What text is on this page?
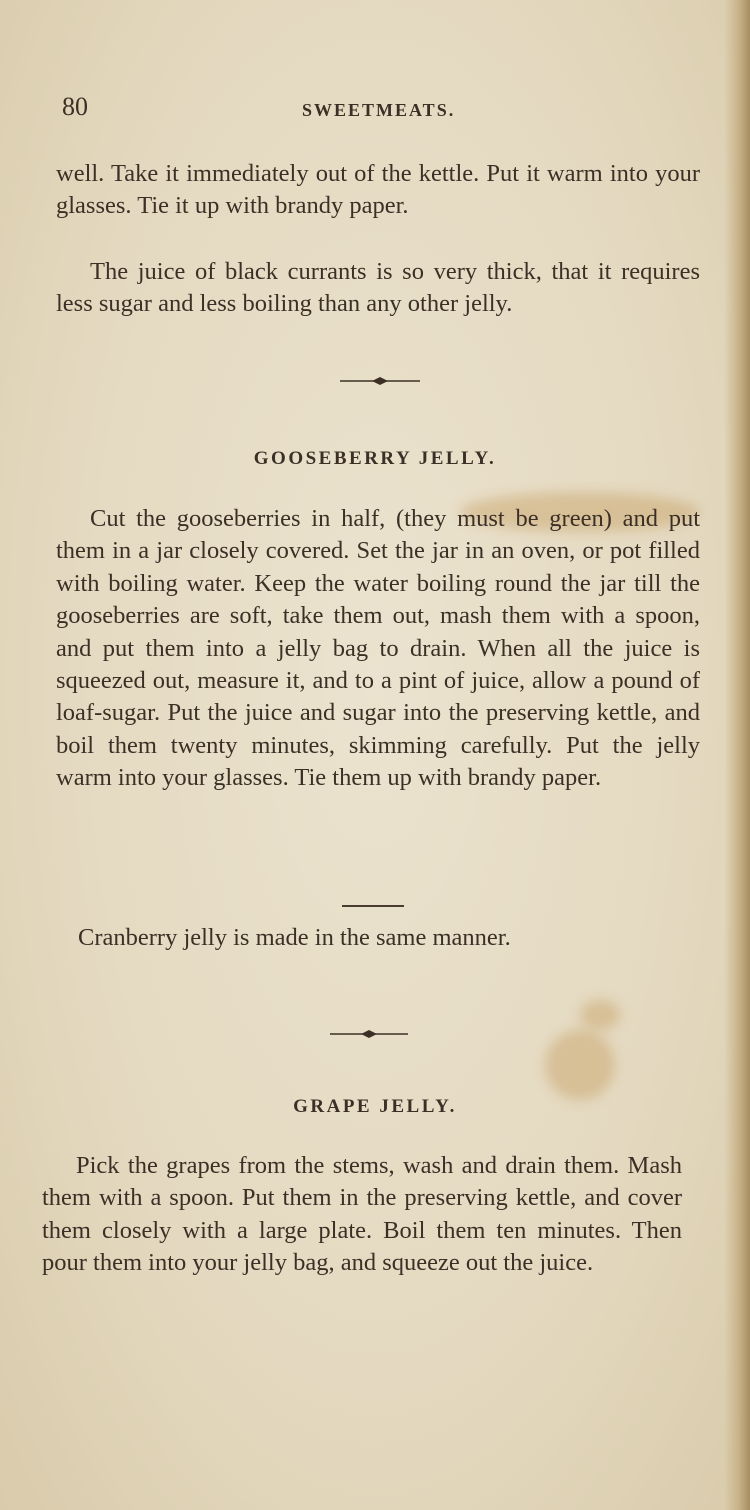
80	SWEETMEATS.

well. Take it immediately out of the kettle. Put it warm into your glasses. Tie it up with brandy paper.

The juice of black currants is so very thick, that it requires less sugar and less boiling than any other jelly.

GOOSEBERRY JELLY.

Cut the gooseberries in half, (they must be green) and put them in a jar closely covered. Set the jar in an oven, or pot filled with boiling water. Keep the water boiling round the jar till the gooseberries are soft, take them out, mash them with a spoon, and put them into a jelly bag to drain. When all the juice is squeezed out, measure it, and to a pint of juice, allow a pound of loaf-sugar. Put the juice and sugar into the preserving kettle, and boil them twenty minutes, skimming carefully. Put the jelly warm into your glasses. Tie them up with brandy paper.

Cranberry jelly is made in the same manner.

GRAPE JELLY.

Pick the grapes from the stems, wash and drain them. Mash them with a spoon. Put them in the preserving kettle, and cover them closely with a large plate. Boil them ten minutes. Then pour them into your jelly bag, and squeeze out the juice.
